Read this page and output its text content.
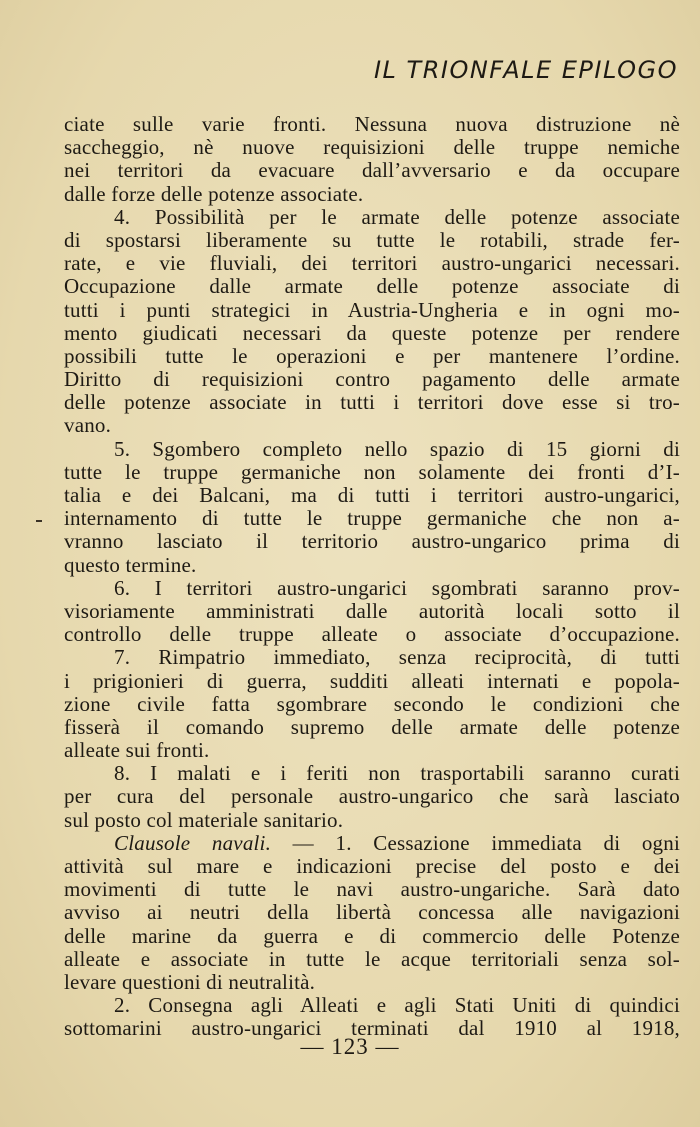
IL TRIONFALE EPILOGO
ciate sulle varie fronti. Nessuna nuova distruzione nè
saccheggio, nè nuove requisizioni delle truppe nemiche
nei territori da evacuare dall’avversario e da occupare
dalle forze delle potenze associate.
4. Possibilità per le armate delle potenze associate
di spostarsi liberamente su tutte le rotabili, strade fer-
rate, e vie fluviali, dei territori austro-ungarici necessari.
Occupazione dalle armate delle potenze associate di
tutti i punti strategici in Austria-Ungheria e in ogni mo-
mento giudicati necessari da queste potenze per rendere
possibili tutte le operazioni e per mantenere l’ordine.
Diritto di requisizioni contro pagamento delle armate
delle potenze associate in tutti i territori dove esse si tro-
vano.
5. Sgombero completo nello spazio di 15 giorni di
tutte le truppe germaniche non solamente dei fronti d’I-
talia e dei Balcani, ma di tutti i territori austro-ungarici,
internamento di tutte le truppe germaniche che non a-
vranno lasciato il territorio austro-ungarico prima di
questo termine.
6. I territori austro-ungarici sgombrati saranno prov-
visoriamente amministrati dalle autorità locali sotto il
controllo delle truppe alleate o associate d’occupazione.
7. Rimpatrio immediato, senza reciprocità, di tutti
i prigionieri di guerra, sudditi alleati internati e popola-
zione civile fatta sgombrare secondo le condizioni che
fisserà il comando supremo delle armate delle potenze
alleate sui fronti.
8. I malati e i feriti non trasportabili saranno curati
per cura del personale austro-ungarico che sarà lasciato
sul posto col materiale sanitario.
Clausole navali. — 1. Cessazione immediata di ogni
attività sul mare e indicazioni precise del posto e dei
movimenti di tutte le navi austro-ungariche. Sarà dato
avviso ai neutri della libertà concessa alle navigazioni
delle marine da guerra e di commercio delle Potenze
alleate e associate in tutte le acque territoriali senza sol-
levare questioni di neutralità.
2. Consegna agli Alleati e agli Stati Uniti di quindici
sottomarini austro-ungarici terminati dal 1910 al 1918,
— 123 —
